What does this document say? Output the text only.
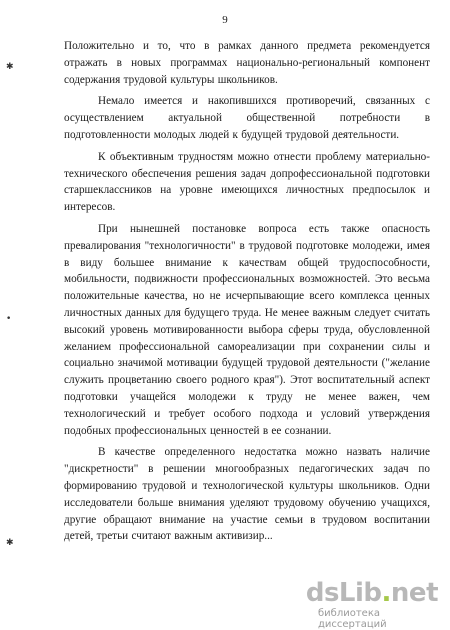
9
✱
•
✱

Положительно и то, что в рамках данного предмета рекомендуется отражать в новых программах национально-региональный компонент содержания трудовой культуры школьников.

Немало имеется и накопившихся противоречий, связанных с осуществлением актуальной общественной потребности в подготовленности молодых людей к будущей трудовой деятельности.

К объективным трудностям можно отнести проблему материально-технического обеспечения решения задач допрофессиональной подготовки старшеклассников на уровне имеющихся личностных предпосылок и интересов.

При нынешней постановке вопроса есть также опасность превалирования "технологичности" в трудовой подготовке молодежи, имея в виду большее внимание к качествам общей трудоспособности, мобильности, подвижности профессиональных возможностей. Это весьма положительные качества, но не исчерпывающие всего комплекса ценных личностных данных для будущего труда. Не менее важным следует считать высокий уровень мотивированности выбора сферы труда, обусловленной желанием профессиональной самореализации при сохранении силы и социально значимой мотивации будущей трудовой деятельности ("желание служить процветанию своего родного края"). Этот воспитательный аспект подготовки учащейся молодежи к труду не менее важен, чем технологический и требует особого подхода и условий утверждения подобных профессиональных ценностей в ее сознании.

В качестве определенного недостатка можно назвать наличие "дискретности" в решении многообразных педагогических задач по формированию трудовой и технологической культуры школьников. Одни исследователи больше внимания уделяют трудовому обучению учащихся, другие обращают внимание на участие семьи в трудовом воспитании детей, третьи считают важным активизир...

dsLib.net
библиотека диссертаций
